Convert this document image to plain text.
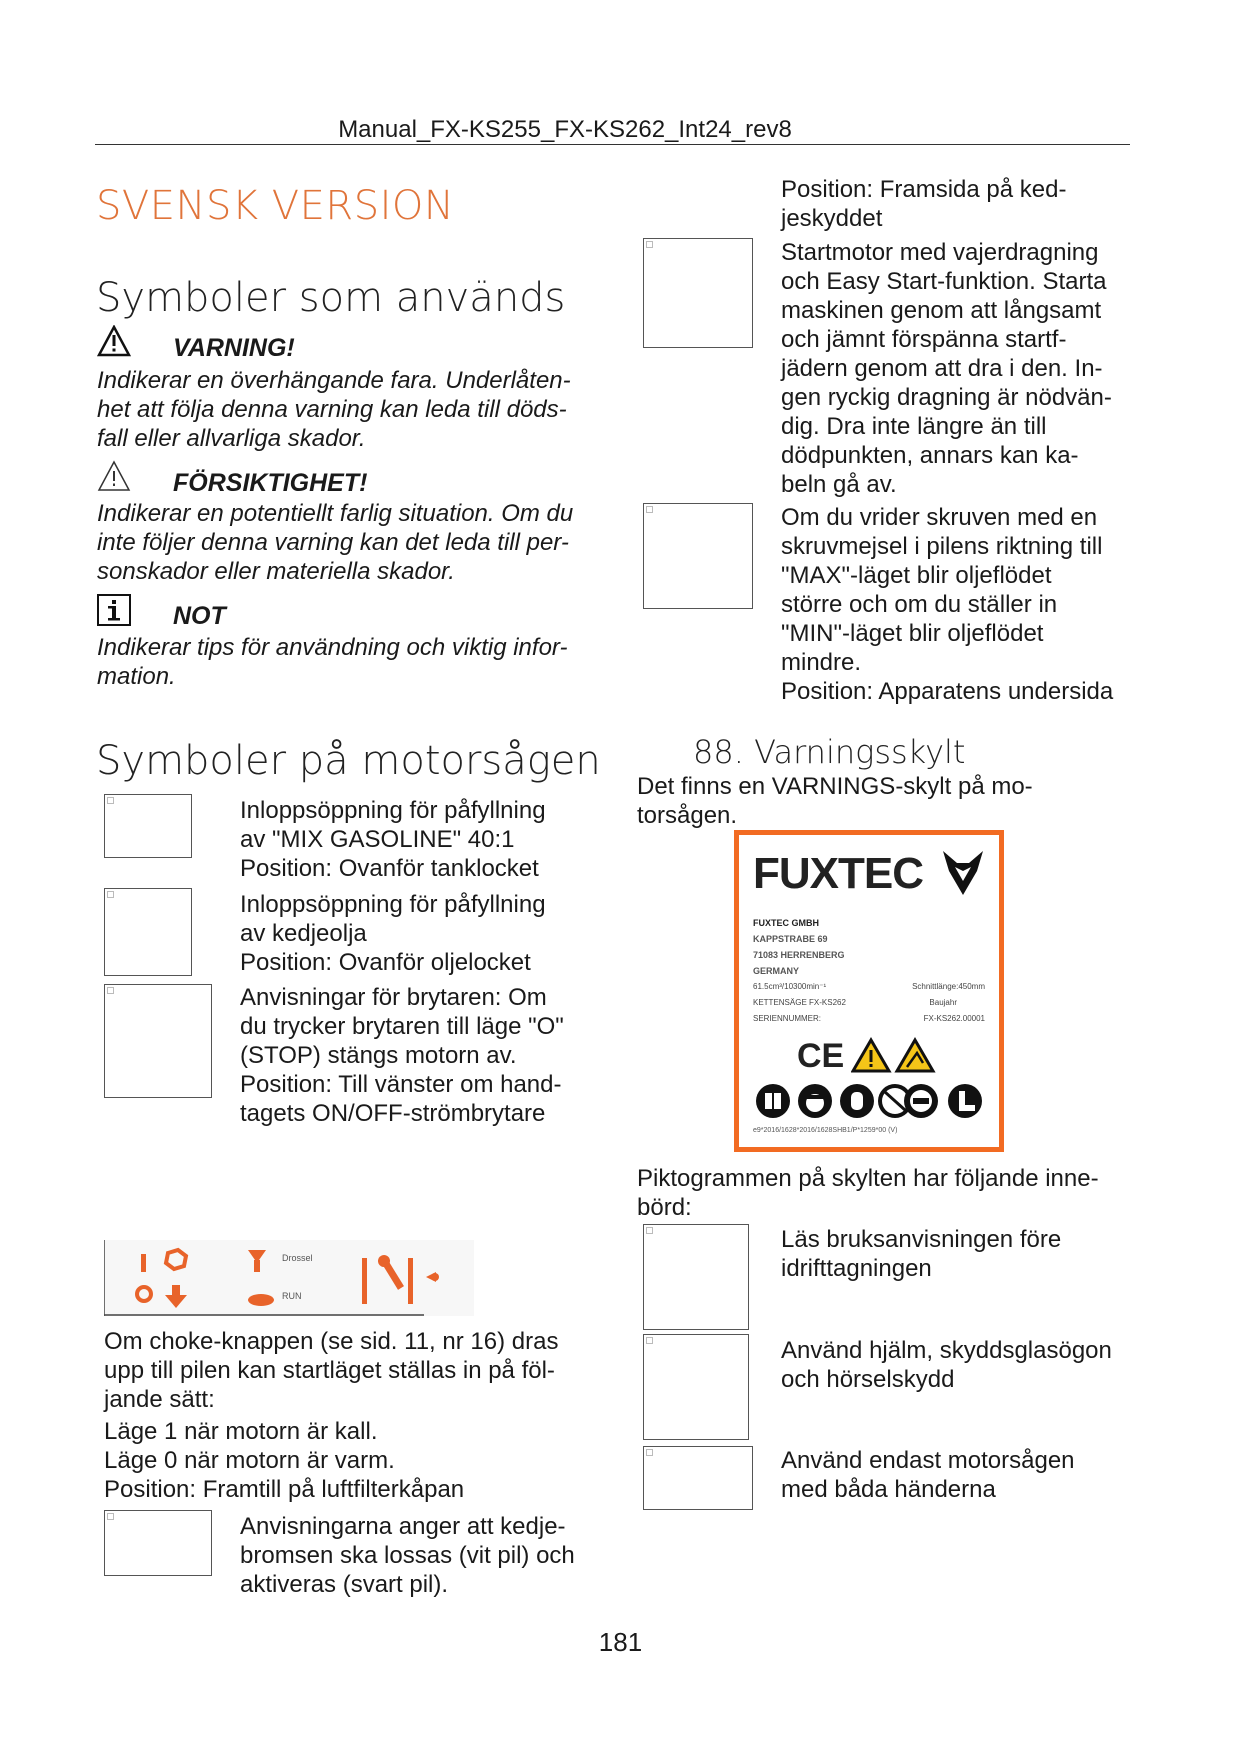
Manual_FX-KS255_FX-KS262_Int24_rev8
SVENSK VERSION
Symboler som används
VARNING!
Indikerar en överhängande fara. Underlåten-
het att följa denna varning kan leda till döds-
fall eller allvarliga skador.
FÖRSIKTIGHET!
Indikerar en potentiellt farlig situation. Om du
inte följer denna varning kan det leda till per-
sonskador eller materiella skador.
NOT
Indikerar tips för användning och viktig infor-
mation.
Symboler på motorsågen
Inloppsöppning för påfyllning
av "MIX GASOLINE" 40:1
Position: Ovanför tanklocket
Inloppsöppning för påfyllning
av kedjeolja
Position: Ovanför oljelocket
Anvisningar för brytaren: Om
du trycker brytaren till läge "O"
(STOP) stängs motorn av.
Position: Till vänster om hand-
tagets ON/OFF-strömbrytare
Drossel
RUN
Om choke-knappen (se sid. 11, nr 16) dras
upp till pilen kan startläget ställas in på föl-
jande sätt:
Läge 1 när motorn är kall.
Läge 0 när motorn är varm.
Position: Framtill på luftfilterkåpan
Anvisningarna anger att kedje-
bromsen ska lossas (vit pil) och
aktiveras (svart pil).
Position: Framsida på ked-
jeskyddet
Startmotor med vajerdragning
och Easy Start-funktion. Starta
maskinen genom att långsamt
och jämnt förspänna startf-
jädern genom att dra i den. In-
gen ryckig dragning är nödvän-
dig. Dra inte längre än till
dödpunkten, annars kan ka-
beln gå av.
Om du vrider skruven med en
skruvmejsel i pilens riktning till
"MAX"-läget blir oljeflödet
större och om du ställer in
"MIN"-läget blir oljeflödet
mindre.
Position: Apparatens undersida
88. Varningsskylt
Det finns en VARNINGS-skylt på mo-
torsågen.
FUXTEC
FUXTEC GMBH
KAPPSTRABE 69
71083 HERRENBERG
GERMANY
61.5cm³/10300min⁻¹	Schnittlänge:450mm
KETTENSÄGE FX-KS262	Baujahr
SERIENNUMMER:	FX-KS262.00001
CE
e9*2016/1628*2016/1628SHB1/P*1259*00 (V)
Piktogrammen på skylten har följande inne-
börd:
Läs bruksanvisningen före
idrifttagningen
Använd hjälm, skyddsglasögon
och hörselskydd
Använd endast motorsågen
med båda händerna
181
